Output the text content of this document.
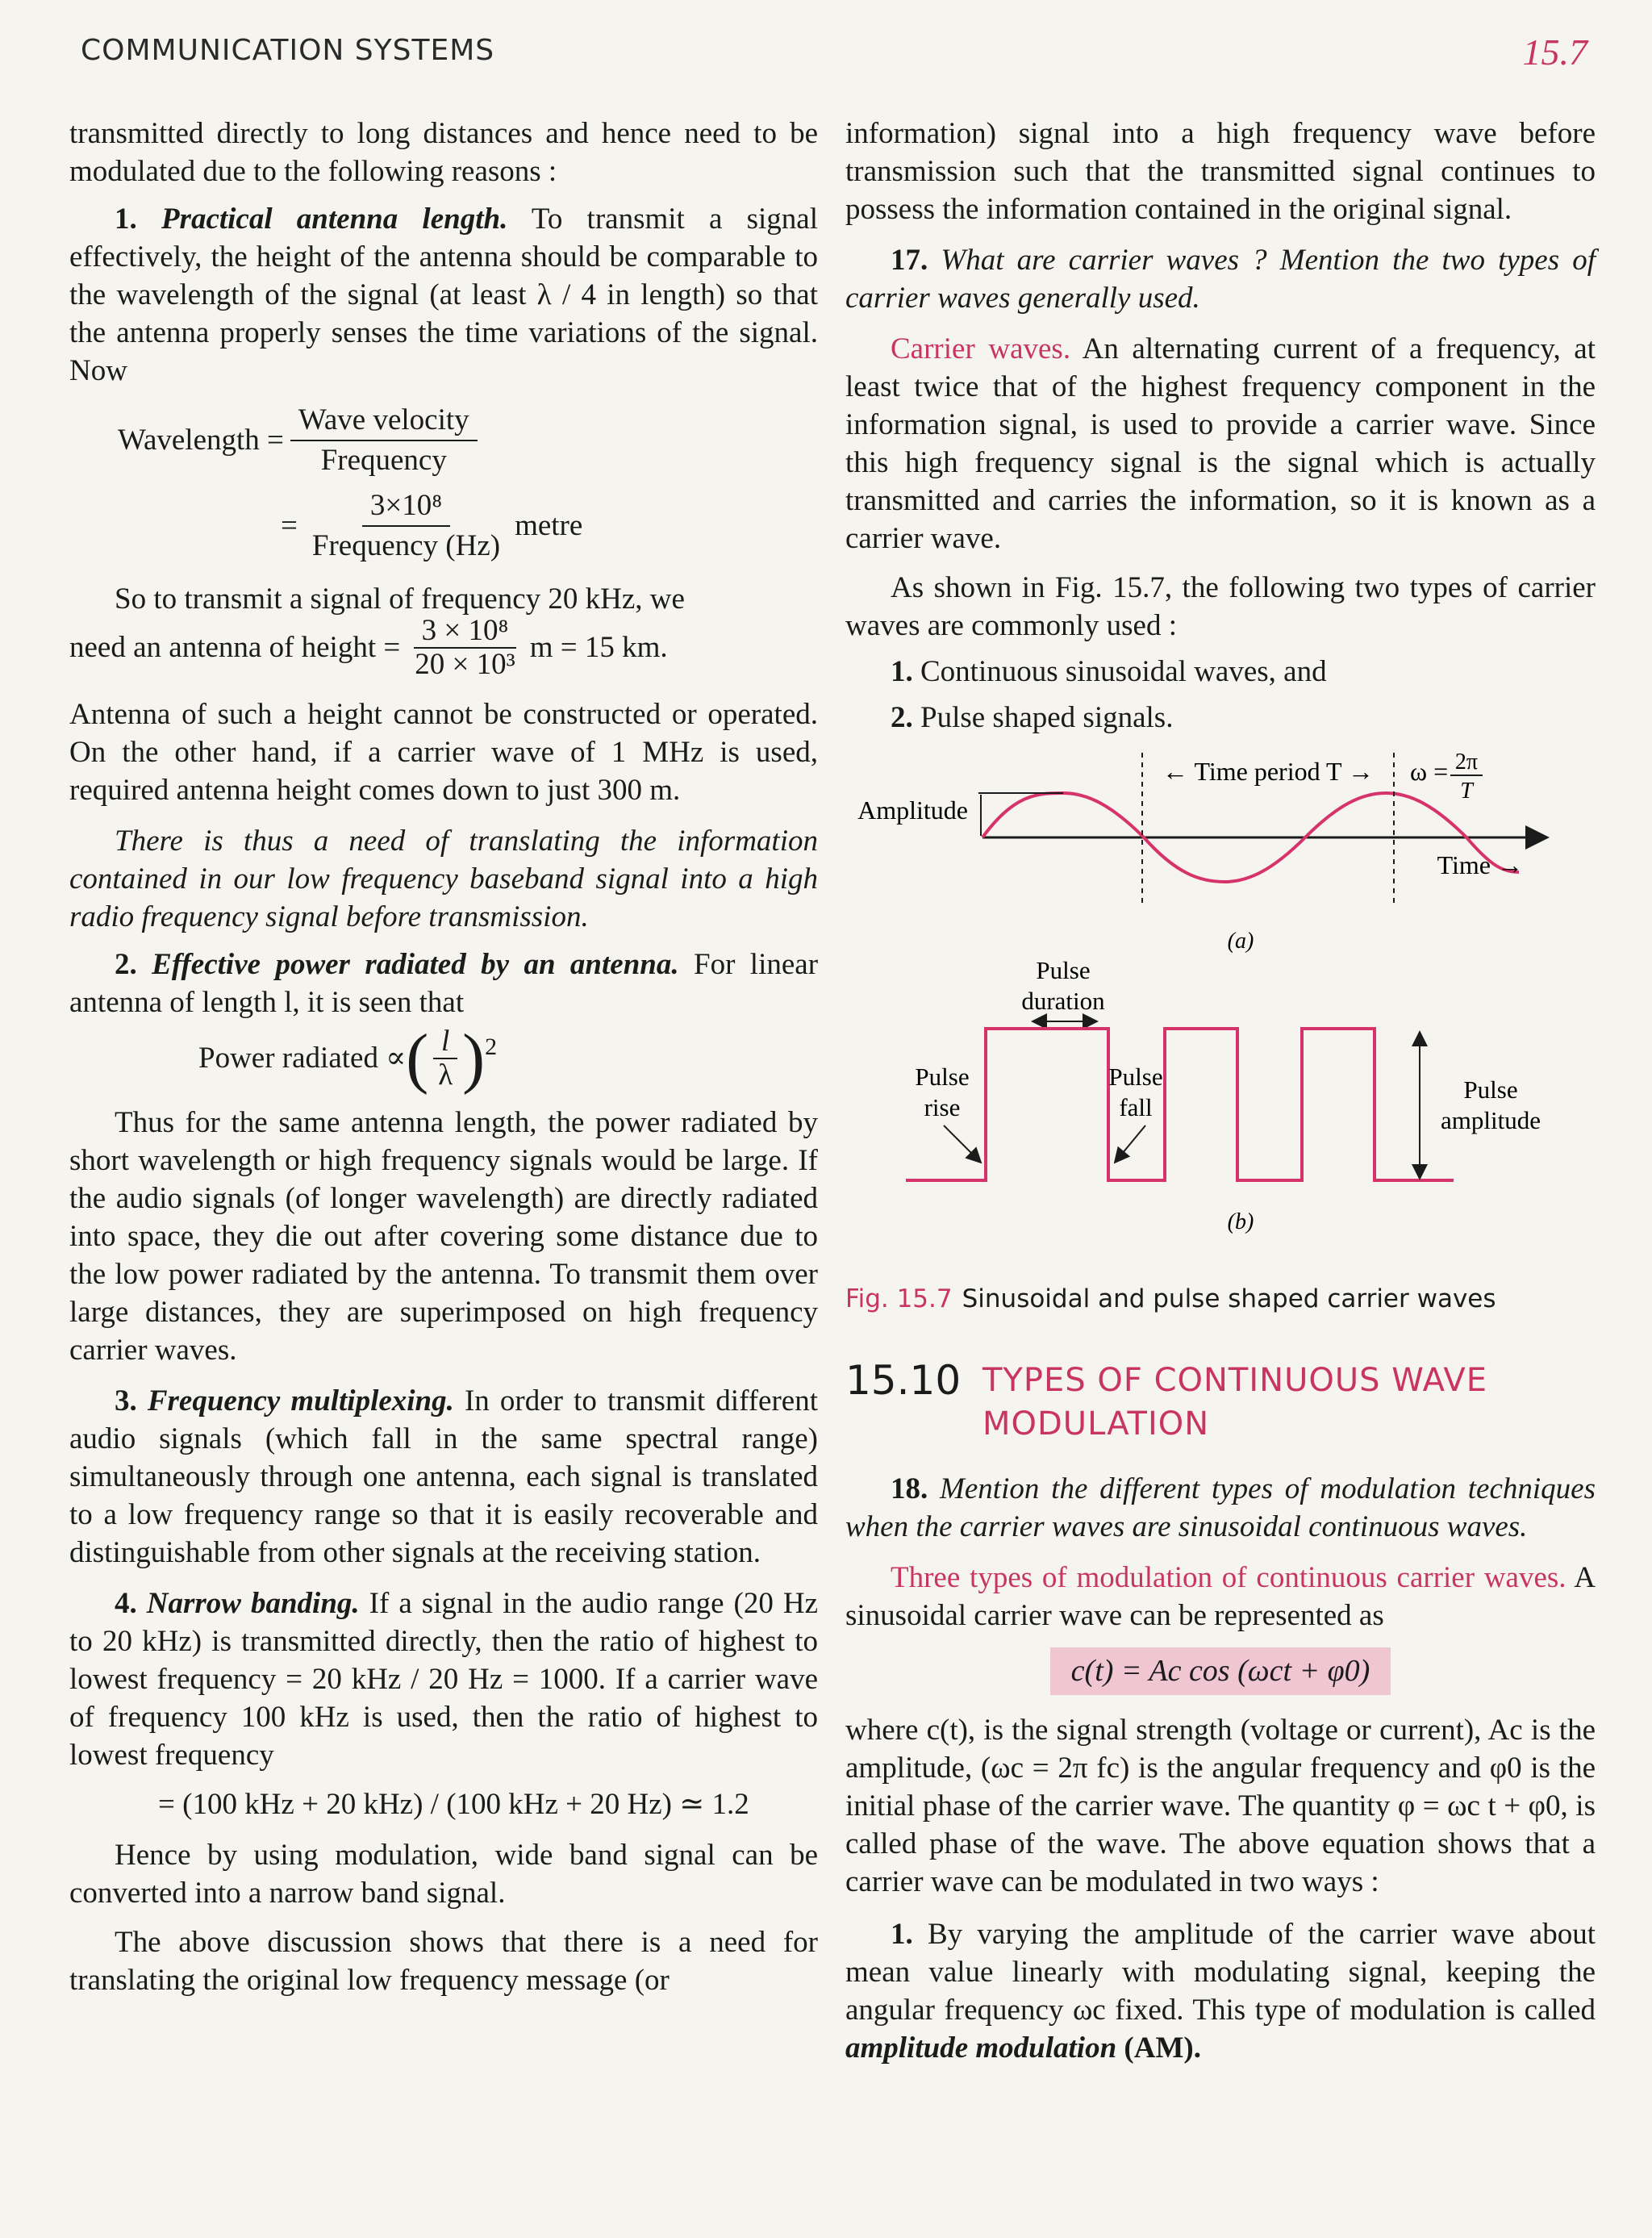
COMMUNICATION SYSTEMS	15.7

transmitted directly to long distances and hence need to be modulated due to the following reasons :

1. Practical antenna length. To transmit a signal effectively, the height of the antenna should be comparable to the wavelength of the signal (at least λ / 4 in length) so that the antenna properly senses the time variations of the signal. Now

Wavelength = $\frac{\text{Wave velocity}}{\text{Frequency}}$
= $\frac{\text{3×10⁸}}{\text{Frequency (Hz)}}$ metre

So to transmit a signal of frequency 20 kHz, we

need an antenna of height = $\frac{\text{3 × 10⁸}}{\text{20 × 10³}}$ m = 15 km.

Antenna of such a height cannot be constructed or operated. On the other hand, if a carrier wave of 1 MHz is used, required antenna height comes down to just 300 m.

There is thus a need of translating the information contained in our low frequency baseband signal into a high radio frequency signal before transmission.

2. Effective power radiated by an antenna. For linear antenna of length l, it is seen that

Power radiated ∝ ( $\frac{l}{\lambda} )^2$

Thus for the same antenna length, the power radiated by short wavelength or high frequency signals would be large. If the audio signals (of longer wavelength) are directly radiated into space, they die out after covering some distance due to the low power radiated by the antenna. To transmit them over large distances, they are superimposed on high frequency carrier waves.

3. Frequency multiplexing. In order to transmit different audio signals (which fall in the same spectral range) simultaneously through one antenna, each signal is translated to a low frequency range so that it is easily recoverable and distinguishable from other signals at the receiving station.

4. Narrow banding. If a signal in the audio range (20 Hz to 20 kHz) is transmitted directly, then the ratio of highest to lowest frequency = 20 kHz / 20 Hz = 1000. If a carrier wave of frequency 100 kHz is used, then the ratio of highest to lowest frequency

= (100 kHz + 20 kHz) / (100 kHz + 20 Hz) ≃ 1.2

Hence by using modulation, wide band signal can be converted into a narrow band signal.

The above discussion shows that there is a need for translating the original low frequency message (or

information) signal into a high frequency wave before transmission such that the transmitted signal continues to possess the information contained in the original signal.

17. What are carrier waves ? Mention the two types of carrier waves generally used.

Carrier waves. An alternating current of a frequency, at least twice that of the highest frequency component in the information signal, is used to provide a carrier wave. Since this high frequency signal is the signal which is actually transmitted and carries the information, so it is known as a carrier wave.

As shown in Fig. 15.7, the following two types of carrier waves are commonly used :

1. Continuous sinusoidal waves, and

2. Pulse shaped signals.

Amplitude
← Time period T → ω = 2π
T
Time →
(a)
Pulse
duration
Pulse
rise
Pulse
fall
Pulse
amplitude
(b)
Fig. 15.7 Sinusoidal and pulse shaped carrier waves
15.10 TYPES OF CONTINUOUS WAVE
MODULATION

18. Mention the different types of modulation techniques when the carrier waves are sinusoidal continuous waves.

Three types of modulation of continuous carrier waves. A sinusoidal carrier wave can be represented as

c(t) = Ac cos (ωct + φ0)

where c(t), is the signal strength (voltage or current), Ac is the amplitude, (ωc = 2π fc) is the angular frequency and φ0 is the initial phase of the carrier wave. The quantity φ = ωc t + φ0, is called phase of the wave. The above equation shows that a carrier wave can be modulated in two ways :

1. By varying the amplitude of the carrier wave about mean value linearly with modulating signal, keeping the angular frequency ωc fixed. This type of modulation is called amplitude modulation (AM).
